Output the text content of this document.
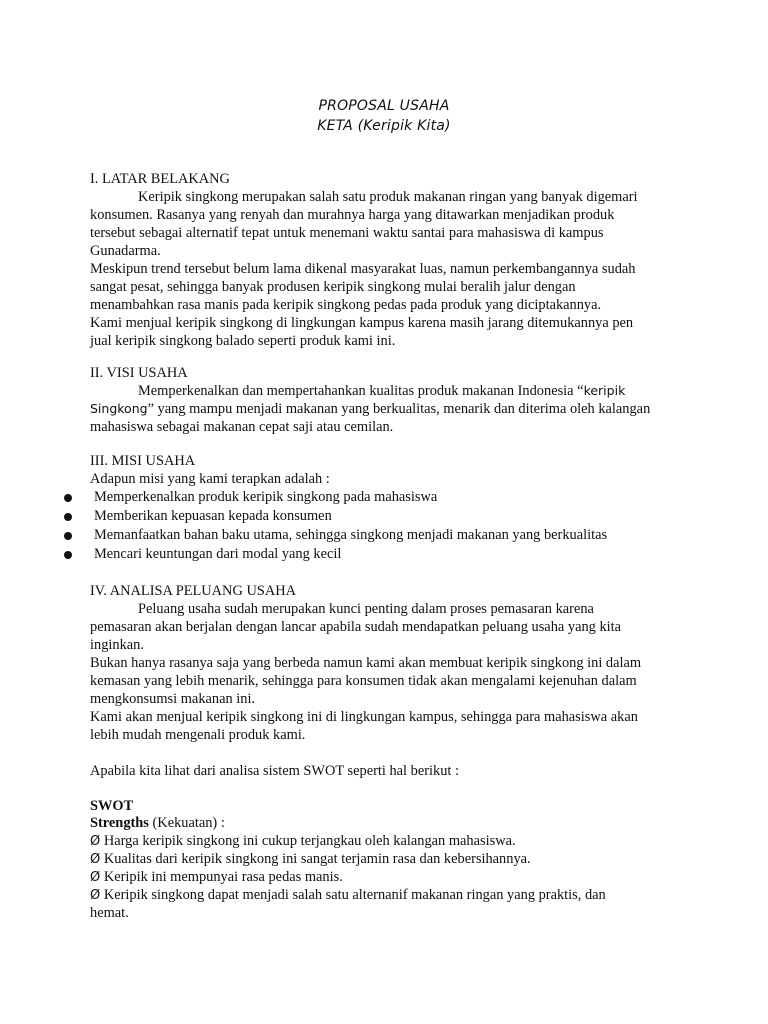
PROPOSAL USAHA
KETA (Keripik Kita)
I. LATAR BELAKANG
Keripik singkong merupakan salah satu produk makanan ringan yang banyak digemari
konsumen. Rasanya yang renyah dan murahnya harga yang ditawarkan menjadikan produk
tersebut sebagai alternatif tepat untuk menemani waktu santai para mahasiswa di kampus
Gunadarma.
Meskipun trend tersebut belum lama dikenal masyarakat luas, namun perkembangannya sudah
sangat pesat, sehingga banyak produsen keripik singkong mulai beralih jalur dengan
menambahkan rasa manis pada keripik singkong pedas pada produk yang diciptakannya.
Kami menjual keripik singkong di lingkungan kampus karena masih jarang ditemukannya pen
jual keripik singkong balado seperti produk kami ini.
II. VISI USAHA
Memperkenalkan dan mempertahankan kualitas produk makanan Indonesia “keripik
Singkong” yang mampu menjadi makanan yang berkualitas, menarik dan diterima oleh kalangan
mahasiswa sebagai makanan cepat saji atau cemilan.
III. MISI USAHA
Adapun misi yang kami terapkan adalah :
Memperkenalkan produk keripik singkong pada mahasiswa
Memberikan kepuasan kepada konsumen
Memanfaatkan bahan baku utama, sehingga singkong menjadi makanan yang berkualitas
Mencari keuntungan dari modal yang kecil
IV. ANALISA PELUANG USAHA
Peluang usaha sudah merupakan kunci penting dalam proses pemasaran karena
pemasaran akan berjalan dengan lancar apabila sudah mendapatkan peluang usaha yang kita
inginkan.
Bukan hanya rasanya saja yang berbeda namun kami akan membuat keripik singkong ini dalam
kemasan yang lebih menarik, sehingga para konsumen tidak akan mengalami kejenuhan dalam
mengkonsumsi makanan ini.
Kami akan menjual keripik singkong ini di lingkungan kampus, sehingga para mahasiswa akan
lebih mudah mengenali produk kami.
Apabila kita lihat dari analisa sistem SWOT seperti hal berikut :
SWOT
Strengths (Kekuatan) :
Ø Harga keripik singkong ini cukup terjangkau oleh kalangan mahasiswa.
Ø Kualitas dari keripik singkong ini sangat terjamin rasa dan kebersihannya.
Ø Keripik ini mempunyai rasa pedas manis.
Ø Keripik singkong dapat menjadi salah satu alternanif makanan ringan yang praktis, dan
hemat.
